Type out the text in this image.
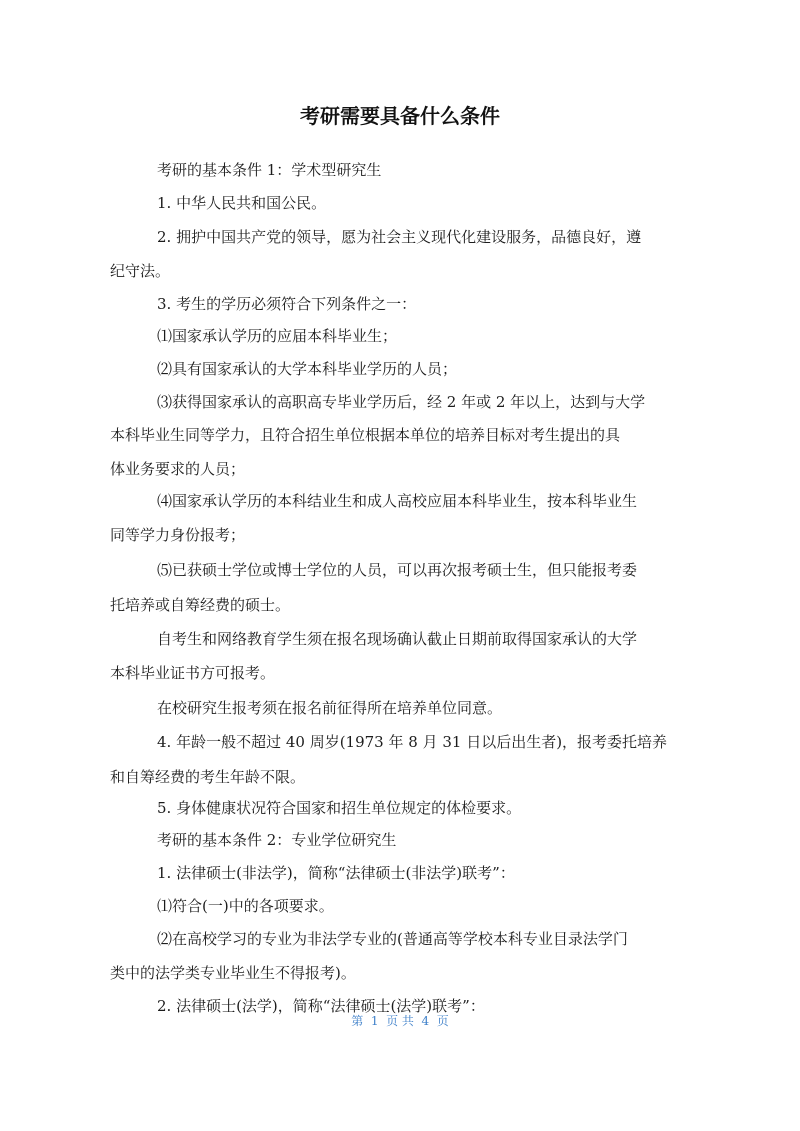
考研需要具备什么条件
考研的基本条件 1：学术型研究生
1. 中华人民共和国公民。
2. 拥护中国共产党的领导，愿为社会主义现代化建设服务，品德良好，遵
纪守法。
3. 考生的学历必须符合下列条件之一：
⑴国家承认学历的应届本科毕业生；
⑵具有国家承认的大学本科毕业学历的人员；
⑶获得国家承认的高职高专毕业学历后，经 2 年或 2 年以上，达到与大学
本科毕业生同等学力，且符合招生单位根据本单位的培养目标对考生提出的具
体业务要求的人员；
⑷国家承认学历的本科结业生和成人高校应届本科毕业生，按本科毕业生
同等学力身份报考；
⑸已获硕士学位或博士学位的人员，可以再次报考硕士生，但只能报考委
托培养或自筹经费的硕士。
自考生和网络教育学生须在报名现场确认截止日期前取得国家承认的大学
本科毕业证书方可报考。
在校研究生报考须在报名前征得所在培养单位同意。
4. 年龄一般不超过 40 周岁(1973 年 8 月 31 日以后出生者)，报考委托培养
和自筹经费的考生年龄不限。
5. 身体健康状况符合国家和招生单位规定的体检要求。
考研的基本条件 2：专业学位研究生
1. 法律硕士(非法学)，简称“法律硕士(非法学)联考”：
⑴符合(一)中的各项要求。
⑵在高校学习的专业为非法学专业的(普通高等学校本科专业目录法学门
类中的法学类专业毕业生不得报考)。
2. 法律硕士(法学)，简称“法律硕士(法学)联考”：
第  1  页 共  4  页
